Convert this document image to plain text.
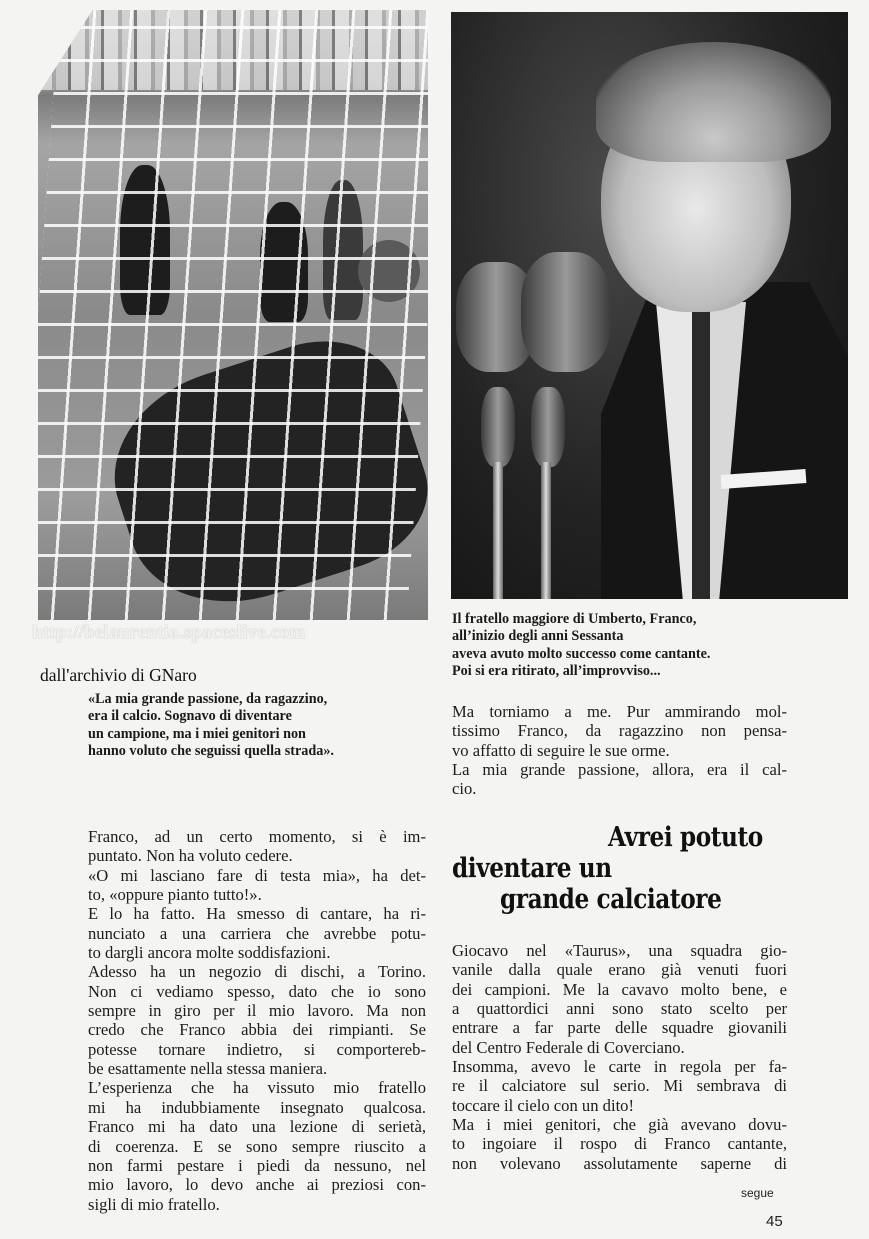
http://belaurentia.spaceslive.com
dall'archivio di GNaro
«La mia grande passione, da ragazzino,
era il calcio. Sognavo di diventare
un campione, ma i miei genitori non
hanno voluto che seguissi quella strada».
Il fratello maggiore di Umberto, Franco,
all’inizio degli anni Sessanta
aveva avuto molto successo come cantante.
Poi si era ritirato, all’improvviso...
Franco, ad un certo momento, si è im-
puntato. Non ha voluto cedere.
«O mi lasciano fare di testa mia», ha det-
to, «oppure pianto tutto!».
E lo ha fatto. Ha smesso di cantare, ha ri-
nunciato a una carriera che avrebbe potu-
to dargli ancora molte soddisfazioni.
Adesso ha un negozio di dischi, a Torino.
Non ci vediamo spesso, dato che io sono
sempre in giro per il mio lavoro. Ma non
credo che Franco abbia dei rimpianti. Se
potesse tornare indietro, si comportereb-
be esattamente nella stessa maniera.
L’esperienza che ha vissuto mio fratello
mi ha indubbiamente insegnato qualcosa.
Franco mi ha dato una lezione di serietà,
di coerenza. E se sono sempre riuscito a
non farmi pestare i piedi da nessuno, nel
mio lavoro, lo devo anche ai preziosi con-
sigli di mio fratello.
Ma torniamo a me. Pur ammirando mol-
tissimo Franco, da ragazzino non pensa-
vo affatto di seguire le sue orme.
La mia grande passione, allora, era il cal-
cio.
Avrei potuto
diventare un
grande calciatore
Giocavo nel «Taurus», una squadra gio-
vanile dalla quale erano già venuti fuori
dei campioni. Me la cavavo molto bene, e
a quattordici anni sono stato scelto per
entrare a far parte delle squadre giovanili
del Centro Federale di Coverciano.
Insomma, avevo le carte in regola per fa-
re il calciatore sul serio. Mi sembrava di
toccare il cielo con un dito!
Ma i miei genitori, che già avevano dovu-
to ingoiare il rospo di Franco cantante,
non volevano assolutamente saperne di
segue
45
